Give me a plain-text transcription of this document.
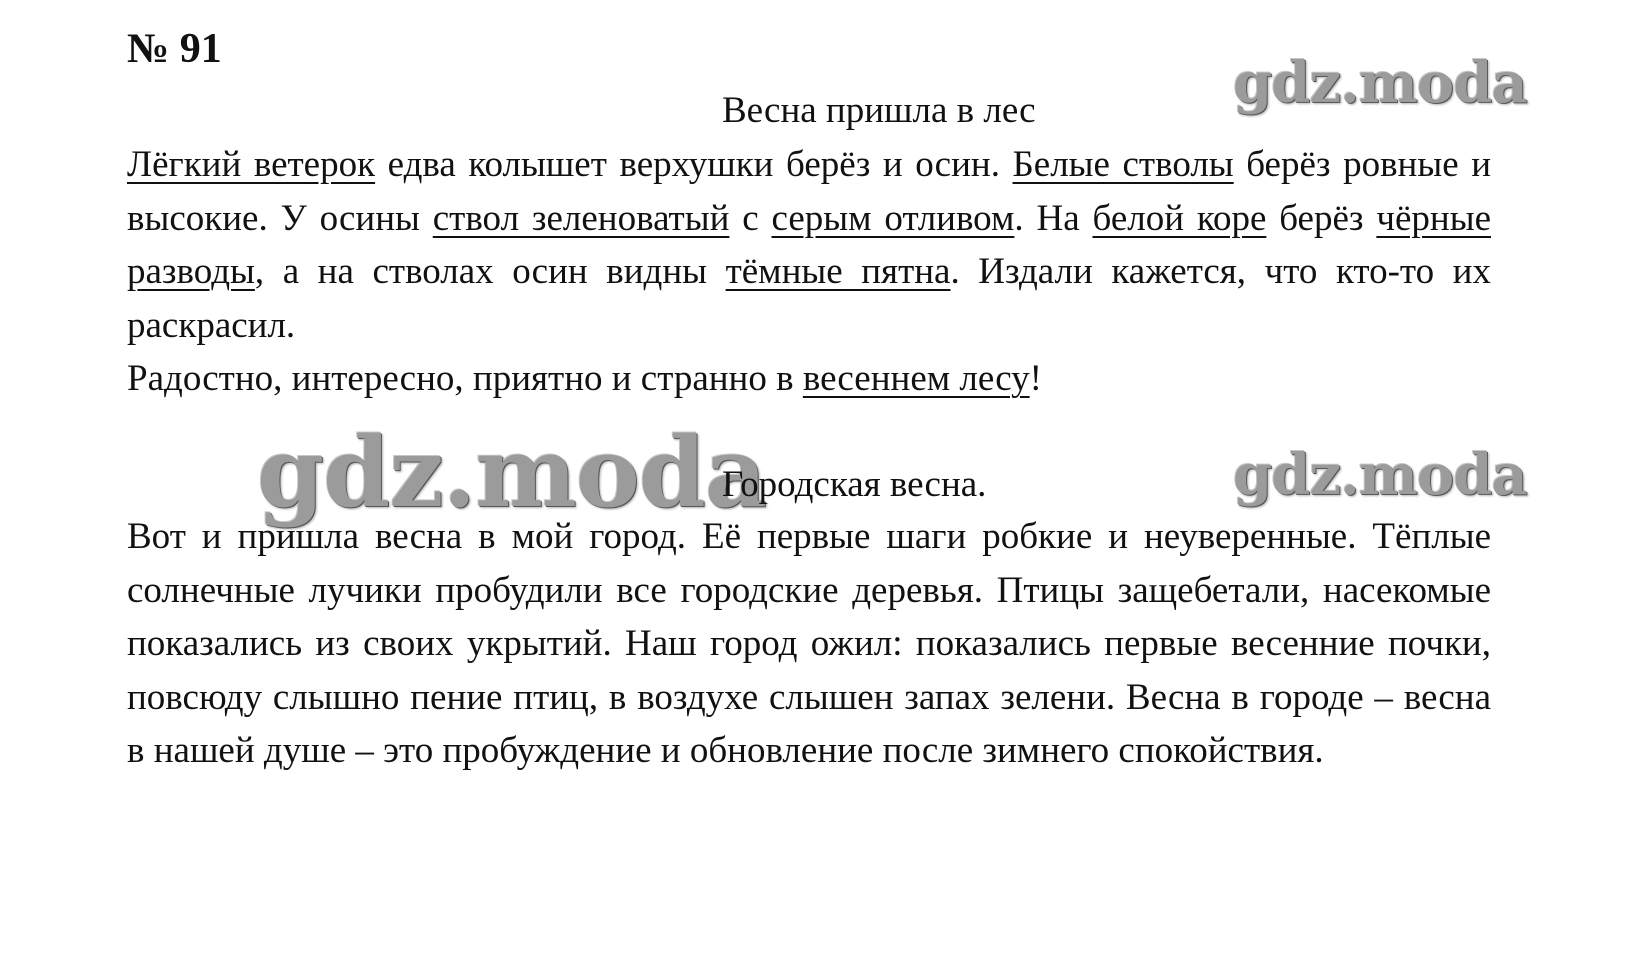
№ 91
gdz.moda
Весна пришла в лес
Лёгкий ветерок едва колышет верхушки берёз и осин. Белые стволы берёз ровные и высокие. У осины ствол зеленоватый с серым отливом. На белой коре берёз чёрные разводы, а на стволах осин видны тёмные пятна. Издали кажется, что кто-то их раскрасил.
Радостно, интересно, приятно и странно в весеннем лесу!
gdz.moda
Городская весна.	gdz.moda
Вот и пришла весна в мой город. Её первые шаги робкие и неуверенные. Тёплые солнечные лучики пробудили все городские деревья. Птицы защебетали, насекомые показались из своих укрытий. Наш город ожил: показались первые весенние почки, повсюду слышно пение птиц, в воздухе слышен запах зелени. Весна в городе – весна в нашей душе – это пробуждение и обновление после зимнего спокойствия.
